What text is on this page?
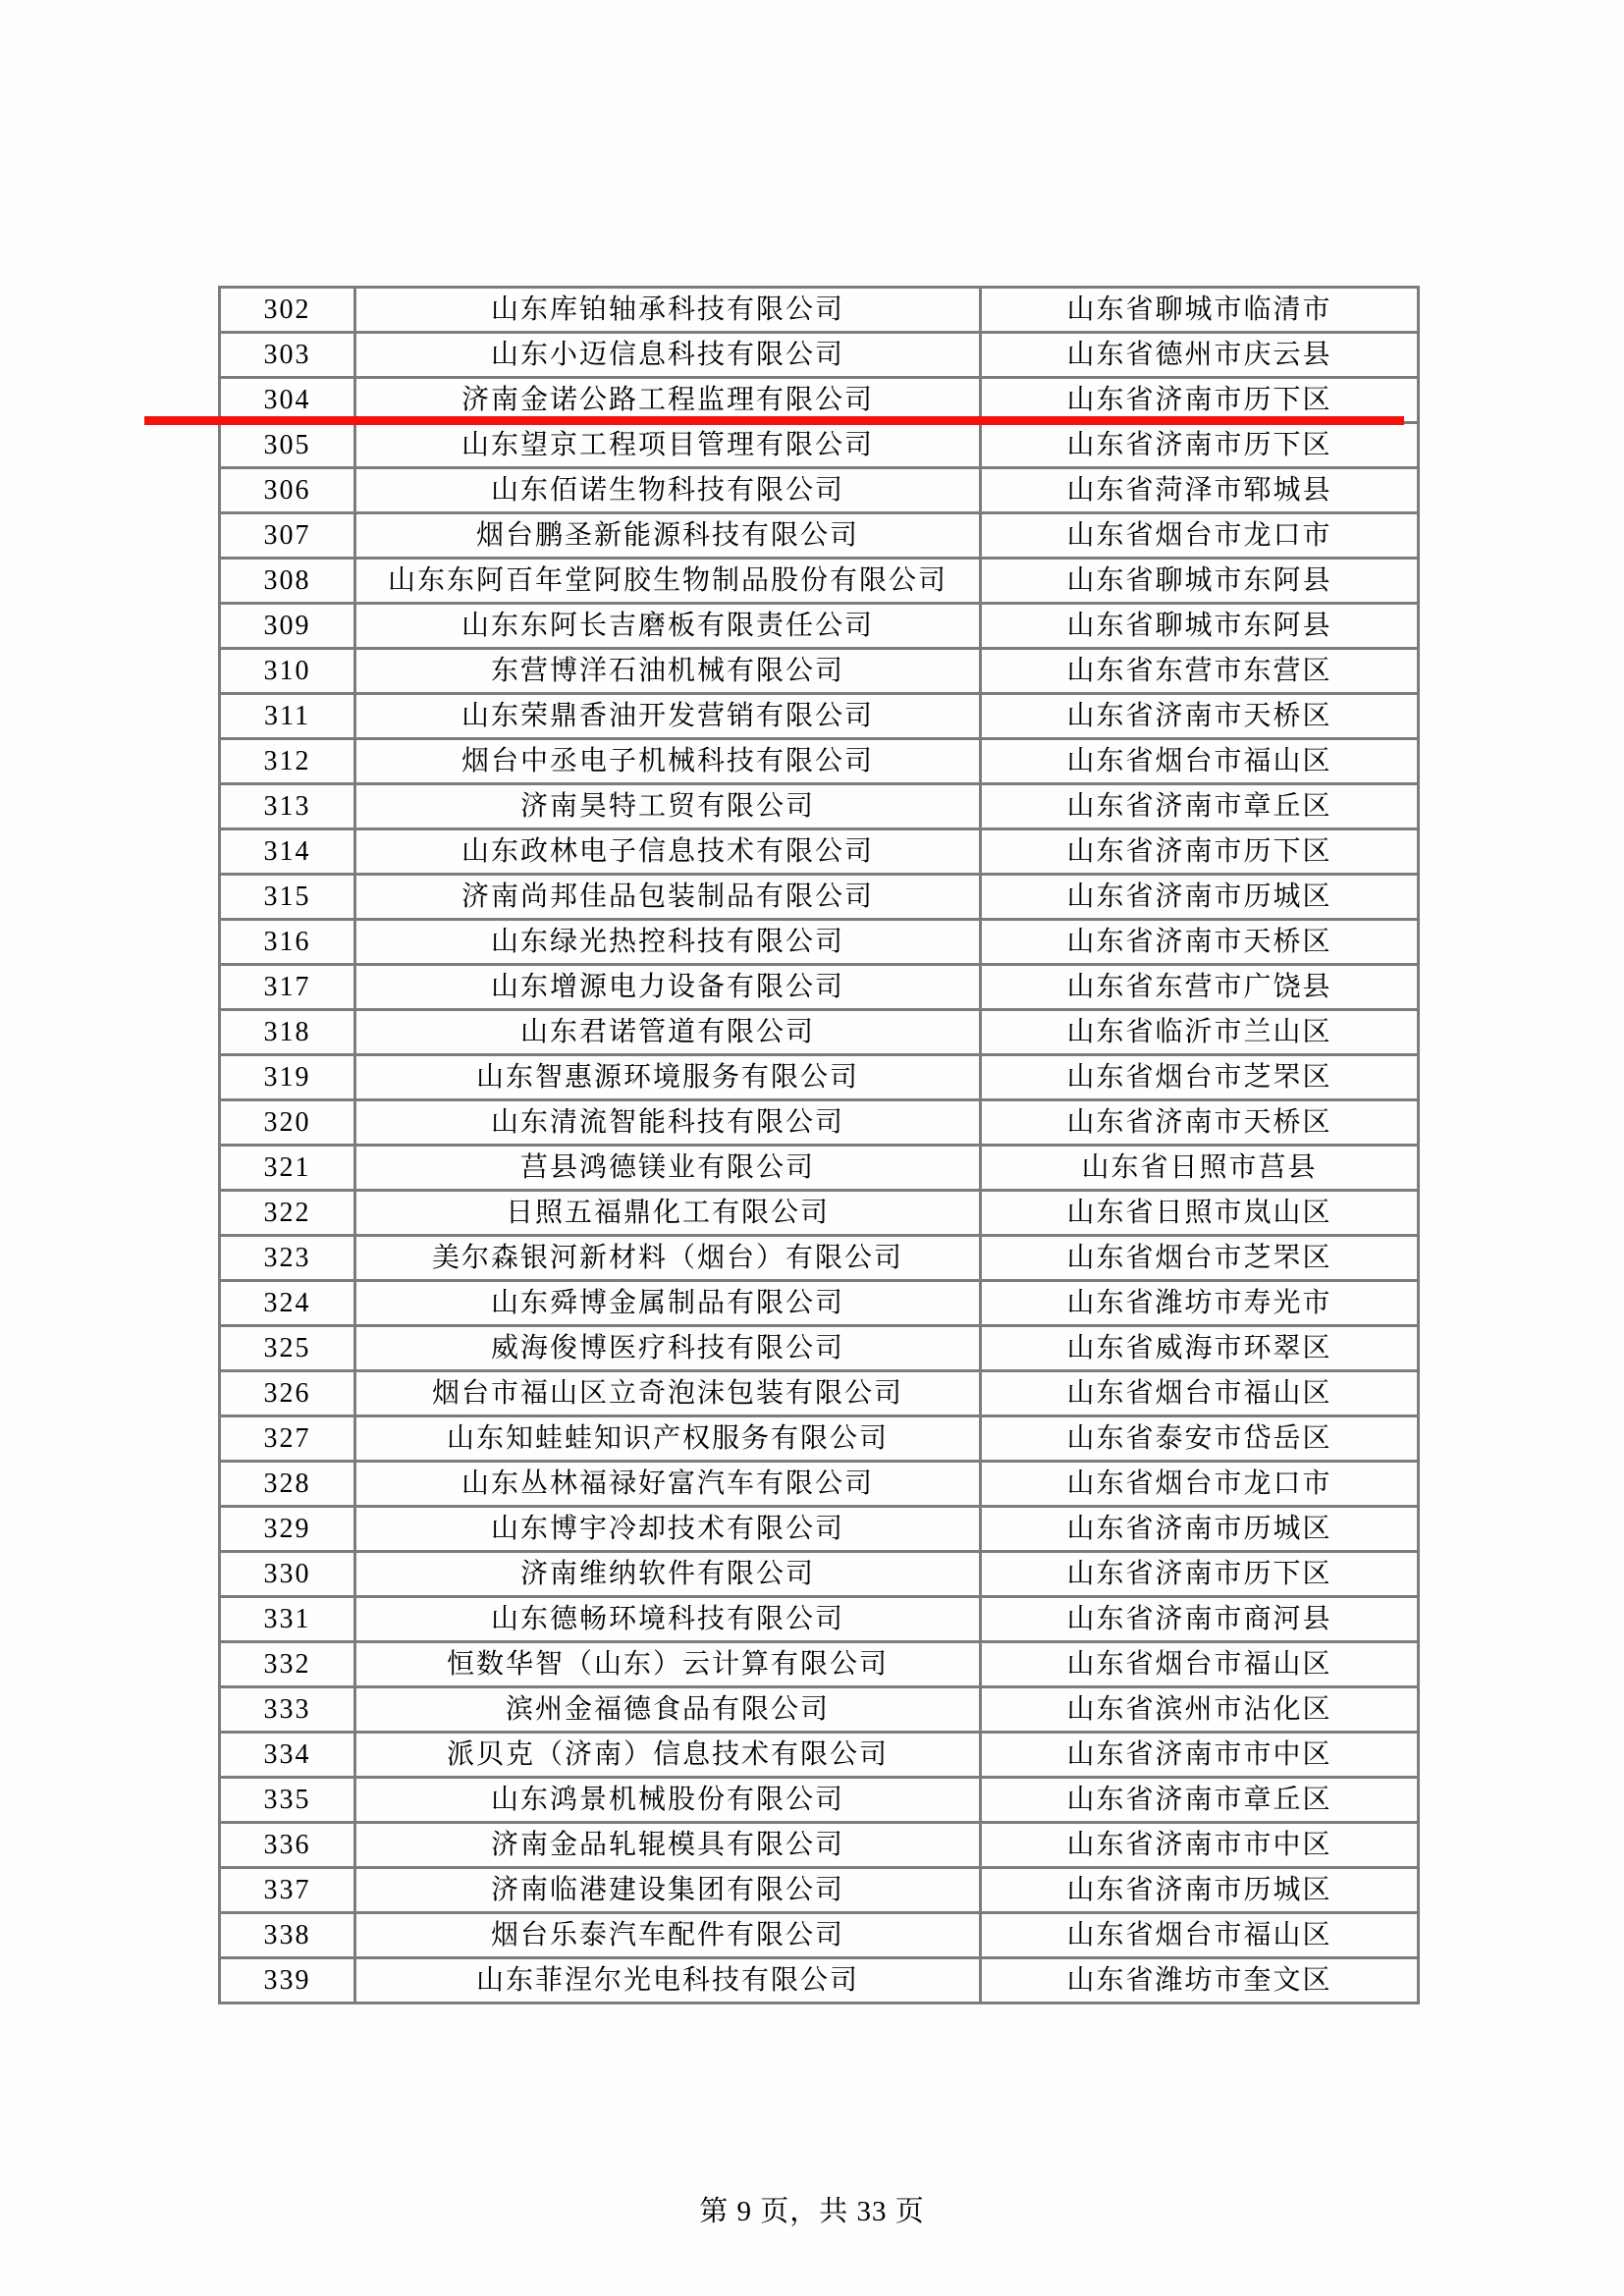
302	山东库铂轴承科技有限公司	山东省聊城市临清市
303	山东小迈信息科技有限公司	山东省德州市庆云县
304	济南金诺公路工程监理有限公司	山东省济南市历下区
305	山东望京工程项目管理有限公司	山东省济南市历下区
306	山东佰诺生物科技有限公司	山东省菏泽市郓城县
307	烟台鹏圣新能源科技有限公司	山东省烟台市龙口市
308	山东东阿百年堂阿胶生物制品股份有限公司	山东省聊城市东阿县
309	山东东阿长吉磨板有限责任公司	山东省聊城市东阿县
310	东营博洋石油机械有限公司	山东省东营市东营区
311	山东荣鼎香油开发营销有限公司	山东省济南市天桥区
312	烟台中丞电子机械科技有限公司	山东省烟台市福山区
313	济南昊特工贸有限公司	山东省济南市章丘区
314	山东政林电子信息技术有限公司	山东省济南市历下区
315	济南尚邦佳品包装制品有限公司	山东省济南市历城区
316	山东绿光热控科技有限公司	山东省济南市天桥区
317	山东增源电力设备有限公司	山东省东营市广饶县
318	山东君诺管道有限公司	山东省临沂市兰山区
319	山东智惠源环境服务有限公司	山东省烟台市芝罘区
320	山东清流智能科技有限公司	山东省济南市天桥区
321	莒县鸿德镁业有限公司	山东省日照市莒县
322	日照五福鼎化工有限公司	山东省日照市岚山区
323	美尔森银河新材料（烟台）有限公司	山东省烟台市芝罘区
324	山东舜博金属制品有限公司	山东省潍坊市寿光市
325	威海俊博医疗科技有限公司	山东省威海市环翠区
326	烟台市福山区立奇泡沫包装有限公司	山东省烟台市福山区
327	山东知蛙蛙知识产权服务有限公司	山东省泰安市岱岳区
328	山东丛林福禄好富汽车有限公司	山东省烟台市龙口市
329	山东博宇冷却技术有限公司	山东省济南市历城区
330	济南维纳软件有限公司	山东省济南市历下区
331	山东德畅环境科技有限公司	山东省济南市商河县
332	恒数华智（山东）云计算有限公司	山东省烟台市福山区
333	滨州金福德食品有限公司	山东省滨州市沾化区
334	派贝克（济南）信息技术有限公司	山东省济南市市中区
335	山东鸿景机械股份有限公司	山东省济南市章丘区
336	济南金品轧辊模具有限公司	山东省济南市市中区
337	济南临港建设集团有限公司	山东省济南市历城区
338	烟台乐泰汽车配件有限公司	山东省烟台市福山区
339	山东菲涅尔光电科技有限公司	山东省潍坊市奎文区
第 9 页，共 33 页
